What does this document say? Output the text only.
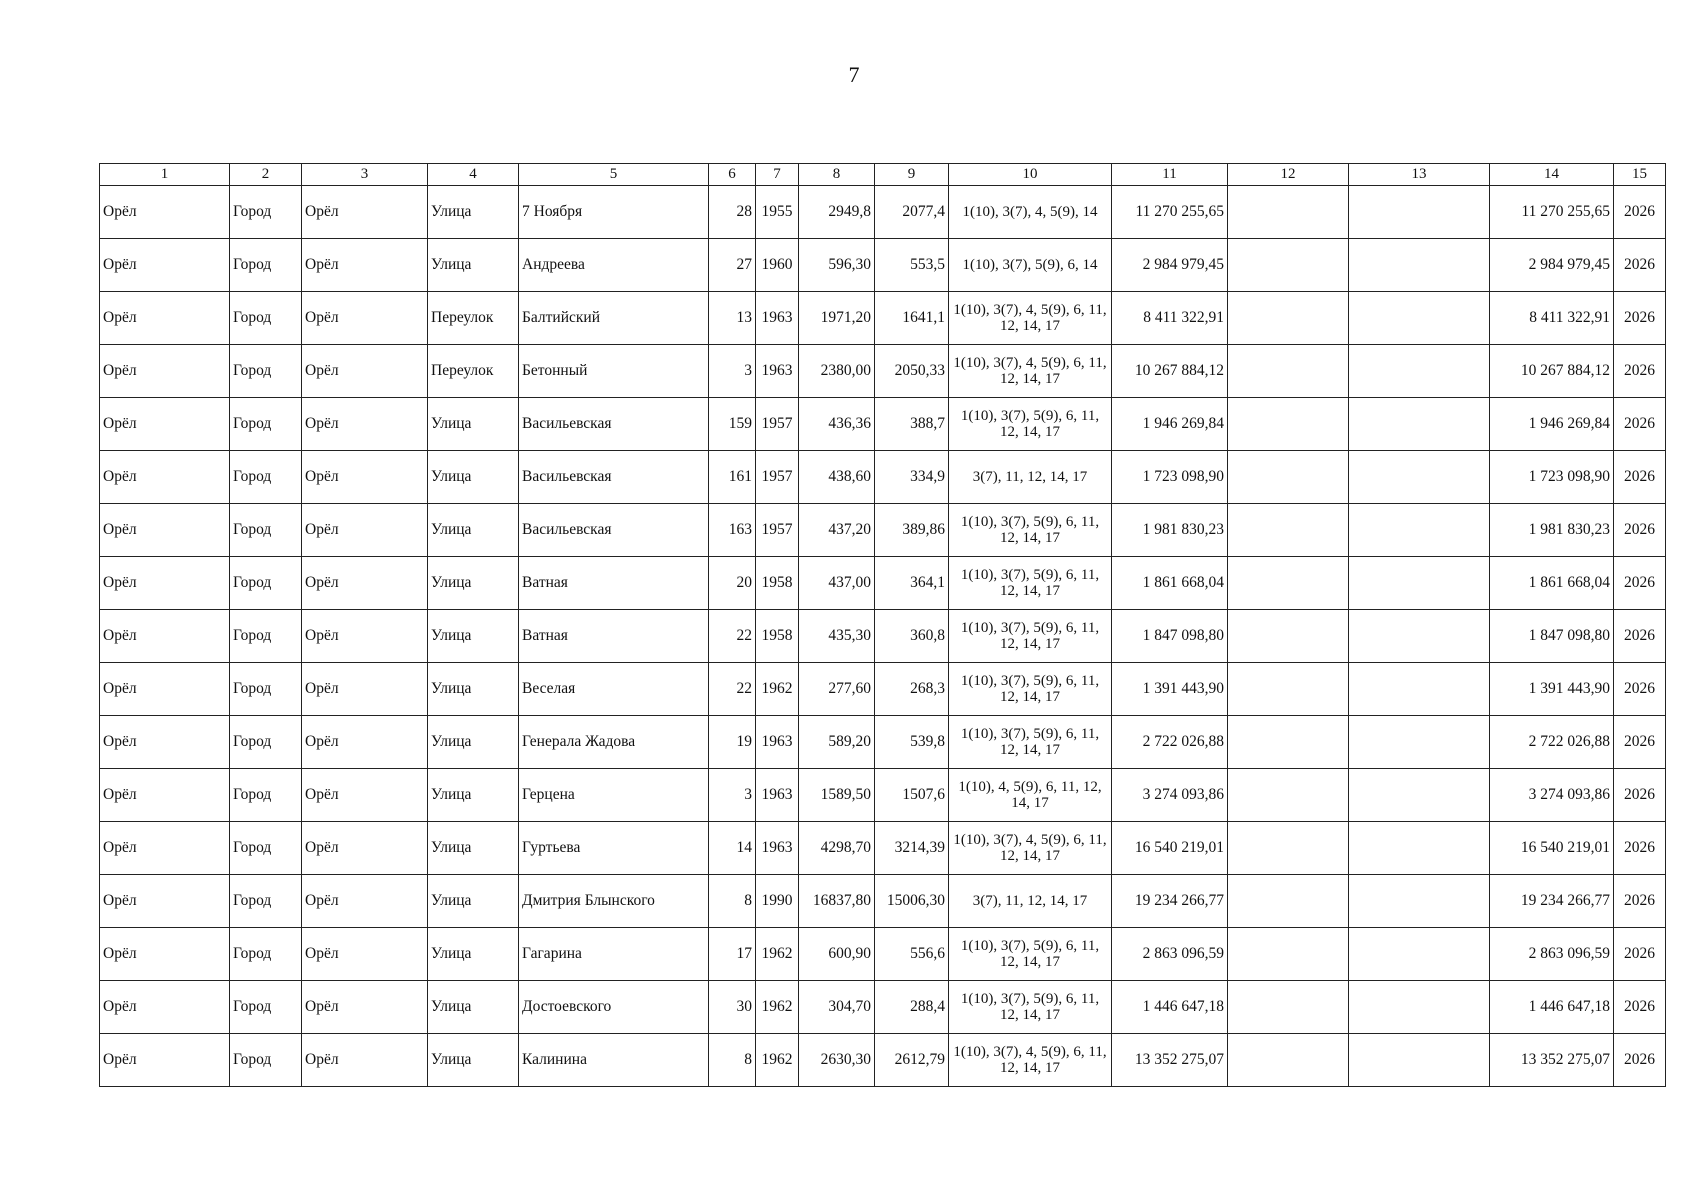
7
1	2	3	4	5	6	7	8	9	10	11	12	13	14	15
Орёл	Город	Орёл	Улица	7 Ноября	28	1955	2949,8	2077,4	1(10), 3(7), 4, 5(9), 14	11 270 255,65			11 270 255,65	2026
Орёл	Город	Орёл	Улица	Андреева	27	1960	596,30	553,5	1(10), 3(7), 5(9), 6, 14	2 984 979,45			2 984 979,45	2026
Орёл	Город	Орёл	Переулок	Балтийский	13	1963	1971,20	1641,1	1(10), 3(7), 4, 5(9), 6, 11, 12, 14, 17	8 411 322,91			8 411 322,91	2026
Орёл	Город	Орёл	Переулок	Бетонный	3	1963	2380,00	2050,33	1(10), 3(7), 4, 5(9), 6, 11, 12, 14, 17	10 267 884,12			10 267 884,12	2026
Орёл	Город	Орёл	Улица	Васильевская	159	1957	436,36	388,7	1(10), 3(7), 5(9), 6, 11, 12, 14, 17	1 946 269,84			1 946 269,84	2026
Орёл	Город	Орёл	Улица	Васильевская	161	1957	438,60	334,9	3(7), 11, 12, 14, 17	1 723 098,90			1 723 098,90	2026
Орёл	Город	Орёл	Улица	Васильевская	163	1957	437,20	389,86	1(10), 3(7), 5(9), 6, 11, 12, 14, 17	1 981 830,23			1 981 830,23	2026
Орёл	Город	Орёл	Улица	Ватная	20	1958	437,00	364,1	1(10), 3(7), 5(9), 6, 11, 12, 14, 17	1 861 668,04			1 861 668,04	2026
Орёл	Город	Орёл	Улица	Ватная	22	1958	435,30	360,8	1(10), 3(7), 5(9), 6, 11, 12, 14, 17	1 847 098,80			1 847 098,80	2026
Орёл	Город	Орёл	Улица	Веселая	22	1962	277,60	268,3	1(10), 3(7), 5(9), 6, 11, 12, 14, 17	1 391 443,90			1 391 443,90	2026
Орёл	Город	Орёл	Улица	Генерала Жадова	19	1963	589,20	539,8	1(10), 3(7), 5(9), 6, 11, 12, 14, 17	2 722 026,88			2 722 026,88	2026
Орёл	Город	Орёл	Улица	Герцена	3	1963	1589,50	1507,6	1(10), 4, 5(9), 6, 11, 12, 14, 17	3 274 093,86			3 274 093,86	2026
Орёл	Город	Орёл	Улица	Гуртьева	14	1963	4298,70	3214,39	1(10), 3(7), 4, 5(9), 6, 11, 12, 14, 17	16 540 219,01			16 540 219,01	2026
Орёл	Город	Орёл	Улица	Дмитрия Блынского	8	1990	16837,80	15006,30	3(7), 11, 12, 14, 17	19 234 266,77			19 234 266,77	2026
Орёл	Город	Орёл	Улица	Гагарина	17	1962	600,90	556,6	1(10), 3(7), 5(9), 6, 11, 12, 14, 17	2 863 096,59			2 863 096,59	2026
Орёл	Город	Орёл	Улица	Достоевского	30	1962	304,70	288,4	1(10), 3(7), 5(9), 6, 11, 12, 14, 17	1 446 647,18			1 446 647,18	2026
Орёл	Город	Орёл	Улица	Калинина	8	1962	2630,30	2612,79	1(10), 3(7), 4, 5(9), 6, 11, 12, 14, 17	13 352 275,07			13 352 275,07	2026
